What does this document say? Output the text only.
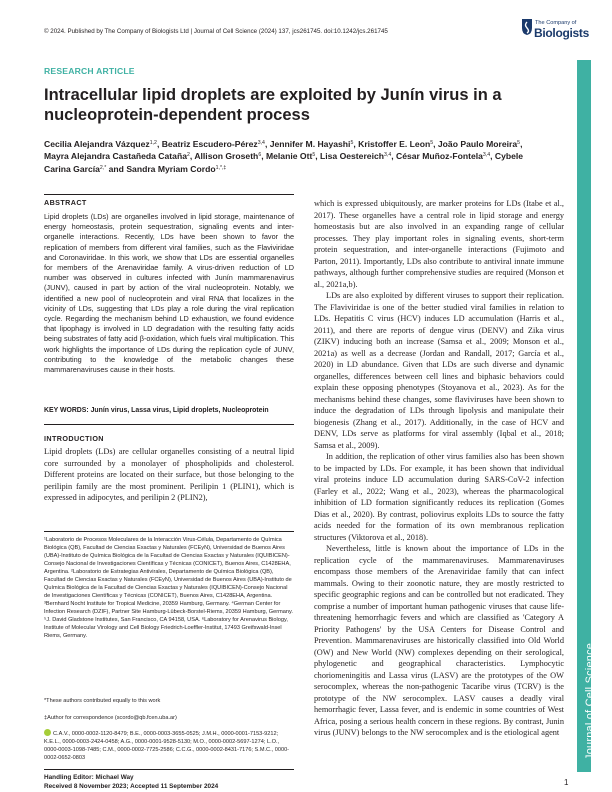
© 2024. Published by The Company of Biologists Ltd | Journal of Cell Science (2024) 137, jcs261745. doi:10.1242/jcs.261745
The Company of
Biologists
RESEARCH ARTICLE
Intracellular lipid droplets are exploited by Junín virus in a nucleoprotein-dependent process
Cecilia Alejandra Vázquez$^{1,2}$, Beatriz Escudero-Pérez$^{3,4}$, Jennifer M. Hayashi$^5$, Kristoffer E. Leon$^5$, João Paulo Moreira$^5$, Mayra Alejandra Castañeda Cataña$^2$, Allison Groseth$^6$, Melanie Ott$^5$, Lisa Oestereich$^{3,4}$, César Muñoz-Fontela$^{3,4}$, Cybele Carina García$^{2,*}$ and Sandra Myriam Cordo$^{1,*,\ddagger}$
Journal of Cell Science
ABSTRACT
Lipid droplets (LDs) are organelles involved in lipid storage, maintenance of energy homeostasis, protein sequestration, signaling events and inter-organelle interactions. Recently, LDs have been shown to favor the replication of members from different viral families, such as the Flaviviridae and Coronaviridae. In this work, we show that LDs are essential organelles for members of the Arenaviridae family. A virus-driven reduction of LD number was observed in cultures infected with Junín mammarenavirus (JUNV), caused in part by action of the viral nucleoprotein. Notably, we identified a new pool of nucleoprotein and viral RNA that localizes in the vicinity of LDs, suggesting that LDs play a role during the viral replication cycle. Regarding the mechanism behind LD exhaustion, we found evidence that lipophagy is involved in LD degradation with the resulting fatty acids being substrates of fatty acid β-oxidation, which fuels viral multiplication. This work highlights the importance of LDs during the replication cycle of JUNV, contributing to the knowledge of the metabolic changes these mammarenaviruses cause in their hosts.
KEY WORDS: Junín virus, Lassa virus, Lipid droplets, Nucleoprotein
INTRODUCTION
Lipid droplets (LDs) are cellular organelles consisting of a neutral lipid core surrounded by a monolayer of phospholipids and cholesterol. Different proteins are located on their surface, but those belonging to the perilipin family are the most prominent. Perilipin 1 (PLIN1), which is expressed in adipocytes, and perilipin 2 (PLIN2),
¹Laboratorio de Procesos Moleculares de la Interacción Virus-Célula, Departamento de Química Biológica (QB), Facultad de Ciencias Exactas y Naturales (FCEyN), Universidad de Buenos Aires (UBA)-Instituto de Química Biológica de la Facultad de Ciencias Exactas y Naturales (IQUIBICEN)-Consejo Nacional de Investigaciones Científicas y Técnicas (CONICET), Buenos Aires, C1428EHA, Argentina. ²Laboratorio de Estrategias Antivirales, Departamento de Química Biológica (QB), Facultad de Ciencias Exactas y Naturales (FCEyN), Universidad de Buenos Aires (UBA)-Instituto de Química Biológica de la Facultad de Ciencias Exactas y Naturales (IQUIBICEN)-Consejo Nacional de Investigaciones Científicas y Técnicas (CONICET), Buenos Aires, C1428EHA, Argentina. ³Bernhard Nocht Institute for Tropical Medicine, 20359 Hamburg, Germany. ⁴German Center for Infection Research (DZIF), Partner Site Hamburg-Lübeck-Borstel-Riems, 20359 Hamburg, Germany. ⁵J. David Gladstone Institutes, San Francisco, CA 94158, USA. ⁶Laboratory for Arenavirus Biology, Institute of Molecular Virology and Cell Biology Friedrich-Loeffler-Institut, 17493 Greifswald-Insel Riems, Germany.
*These authors contributed equally to this work
‡Author for correspondence (scordo@qb.fcen.uba.ar)
C.A.V., 0000-0002-1120-8479; B.E., 0000-0003-3655-0525; J.M.H., 0000-0001-7153-9212; K.E.L., 0000-0003-2424-0458; A.G., 0000-0001-9528-5130; M.O., 0000-0002-5697-1274; L.O., 0000-0003-1098-7485; C.M., 0000-0002-7725-2586; C.C.G., 0000-0002-8431-7176; S.M.C., 0000-0002-0652-0803
Handling Editor: Michael Way
Received 8 November 2023; Accepted 11 September 2024

which is expressed ubiquitously, are marker proteins for LDs (Itabe et al., 2017). These organelles have a central role in lipid storage and energy homeostasis but are also involved in an expanding range of cellular processes. They play important roles in signaling events, short-term protein sequestration, and inter-organelle interactions (Fujimoto and Parton, 2011). Importantly, LDs also contribute to antiviral innate immune pathways, although further comprehensive studies are required (Monson et al., 2021a,b).

LDs are also exploited by different viruses to support their replication. The Flaviviridae is one of the better studied viral families in relation to LDs. Hepatitis C virus (HCV) induces LD accumulation (Harris et al., 2011), and there are reports of dengue virus (DENV) and Zika virus (ZIKV) inducing both an increase (Samsa et al., 2009; Monson et al., 2021a) as well as a decrease (Jordan and Randall, 2017; García et al., 2020) in LD abundance. Given that LDs are such diverse and dynamic organelles, differences between cell lines and biphasic behaviors could explain these opposing phenotypes (Stoyanova et al., 2023). As for the mechanisms behind these changes, some flaviviruses have been shown to induce the degradation of LDs through lipolysis and manipulate their biogenesis (Zhang et al., 2017). Additionally, in the case of HCV and DENV, LDs serve as platforms for viral assembly (Iqbal et al., 2018; Samsa et al., 2009).

In addition, the replication of other virus families also has been shown to be impacted by LDs. For example, it has been shown that individual viral proteins induce LD accumulation during SARS-CoV-2 infection (Farley et al., 2022; Wang et al., 2023), whereas the pharmacological inhibition of LD formation significantly reduces its replication (Gomes Dias et al., 2020). By contrast, poliovirus exploits LDs to source the fatty acids needed for the formation of its own membranous replication structures (Viktorova et al., 2018).

Nevertheless, little is known about the importance of LDs in the replication cycle of the mammarenaviruses. Mammarenaviruses encompass those members of the Arenaviridae family that can infect mammals. Owing to their zoonotic nature, they are mostly restricted to specific geographic regions and can be controlled but not eradicated. They comprise a number of important human pathogenic viruses that cause life-threatening hemorrhagic fevers and which are classified as 'Category A Priority Pathogens' by the USA Centers for Disease Control and Prevention. Mammarenaviruses are historically classified into Old World (OW) and New World (NW) complexes depending on their serological, phylogenetic and geographical characteristics. Lymphocytic choriomeningitis and Lassa virus (LASV) are the prototypes of the OW serocomplex, whereas the non-pathogenic Tacaribe virus (TCRV) is the prototype of the NW serocomplex. LASV causes a deadly viral hemorrhagic fever, Lassa fever, and is endemic in some countries of West Africa, posing a serious health concern in these regions. By contrast, Junin virus (JUNV) belongs to the NW serocomplex and is the etiological agent

1
